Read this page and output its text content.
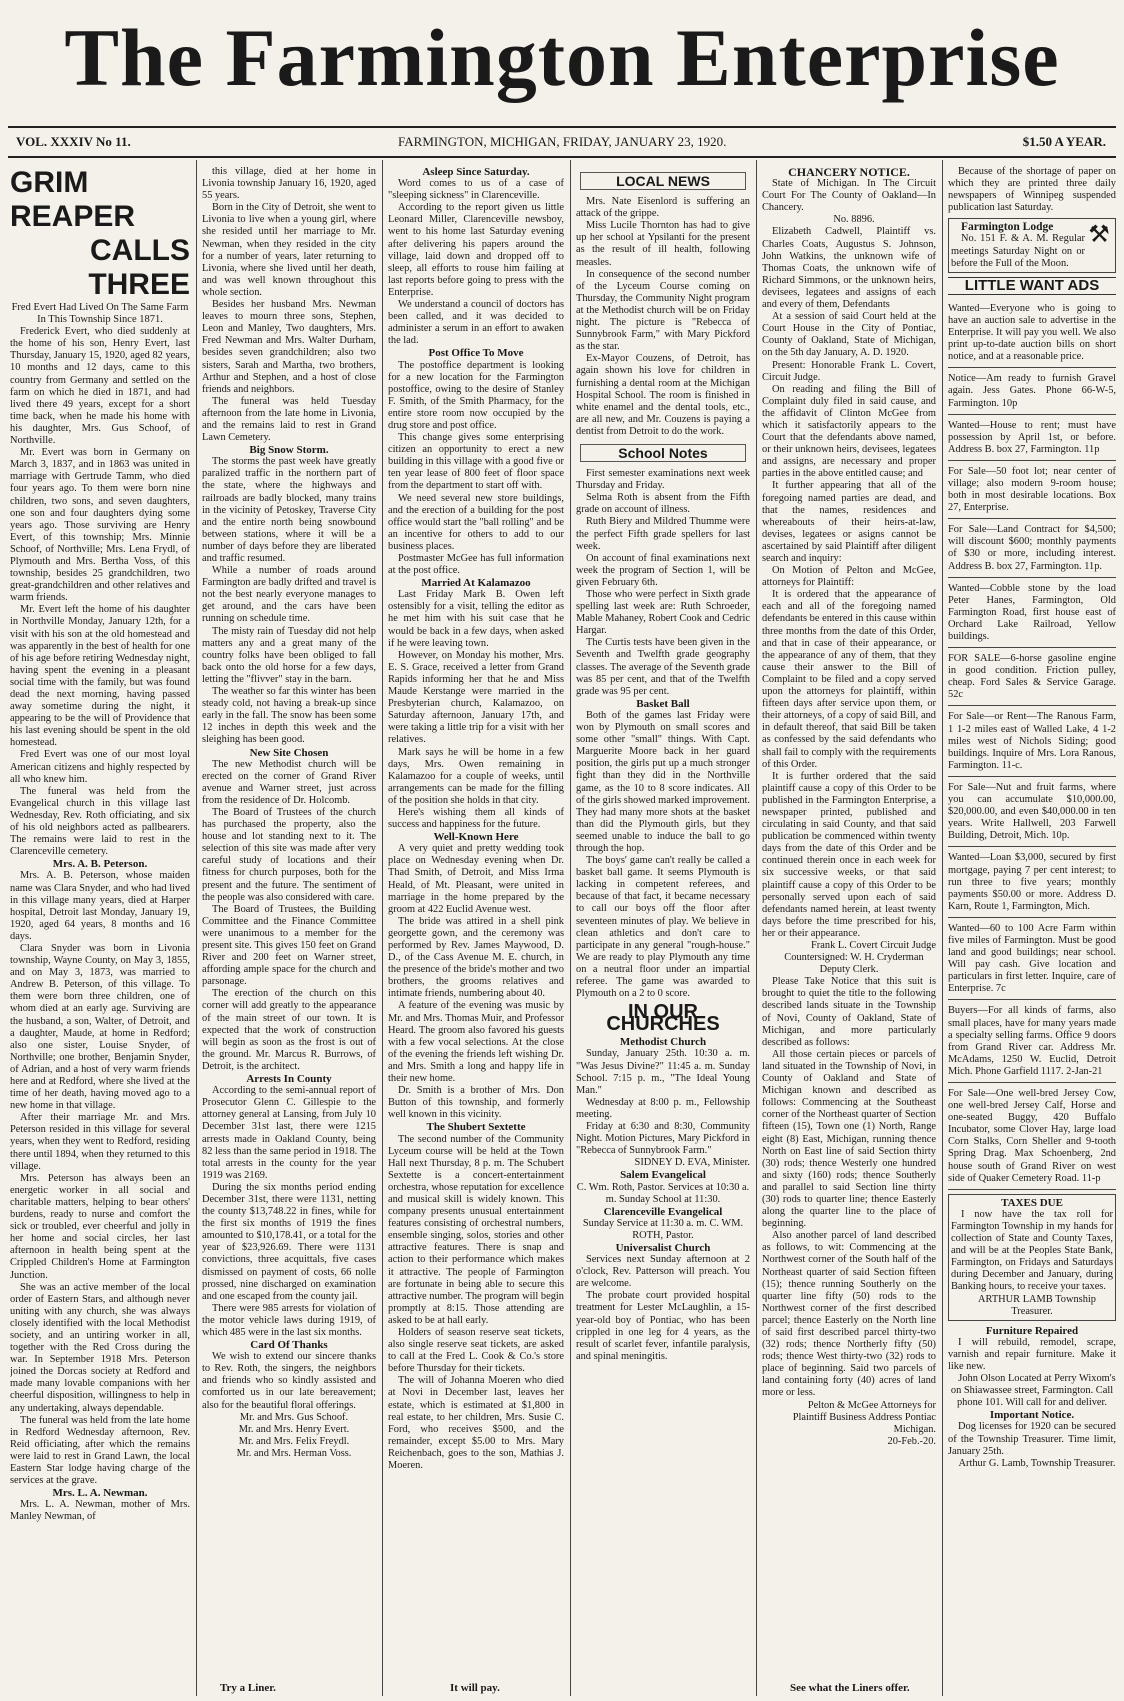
The Farmington Enterprise
VOL. XXXIV No 11.	FARMINGTON, MICHIGAN, FRIDAY, JANUARY 23, 1920.	$1.50 A YEAR.

GRIM REAPER

CALLS THREE

Fred Evert Had Lived On The Same Farm In This Township Since 1871.

Frederick Evert, who died suddenly at the home of his son, Henry Evert, last Thursday, January 15, 1920, aged 82 years, 10 months and 12 days, came to this country from Germany and settled on the farm on which he died in 1871, and had lived there 49 years, except for a short time back, when he made his home with his daughter, Mrs. Gus Schoof, of Northville.

Mr. Evert was born in Germany on March 3, 1837, and in 1863 was united in marriage with Gertrude Tamm, who died four years ago. To them were born nine children, two sons, and seven daughters, one son and four daughters dying some years ago. Those surviving are Henry Evert, of this township; Mrs. Minnie Schoof, of Northville; Mrs. Lena Frydl, of Plymouth and Mrs. Bertha Voss, of this township, besides 25 grandchildren, two great-grandchildren and other relatives and warm friends.

Mr. Evert left the home of his daughter in Northville Monday, January 12th, for a visit with his son at the old homestead and was apparently in the best of health for one of his age before retiring Wednesday night, having spent the evening in a pleasant social time with the family, but was found dead the next morning, having passed away sometime during the night, it appearing to be the will of Providence that his last evening should be spent in the old homestead.

Fred Evert was one of our most loyal American citizens and highly respected by all who knew him.

The funeral was held from the Evangelical church in this village last Wednesday, Rev. Roth officiating, and six of his old neighbors acted as pallbearers. The remains were laid to rest in the Clarenceville cemetery.

Mrs. A. B. Peterson.

Mrs. A. B. Peterson, whose maiden name was Clara Snyder, and who had lived in this village many years, died at Harper hospital, Detroit last Monday, January 19, 1920, aged 64 years, 8 months and 16 days.

Clara Snyder was born in Livonia township, Wayne County, on May 3, 1855, and on May 3, 1873, was married to Andrew B. Peterson, of this village. To them were born three children, one of whom died at an early age. Surviving are the husband, a son, Walter, of Detroit, and a daughter, Maude, at home in Redford; also one sister, Louise Snyder, of Northville; one brother, Benjamin Snyder, of Adrian, and a host of very warm friends here and at Redford, where she lived at the time of her death, having moved ago to a new home in that village.

After their marriage Mr. and Mrs. Peterson resided in this village for several years, when they went to Redford, residing there until 1894, when they returned to this village.

Mrs. Peterson has always been an energetic worker in all social and charitable matters, helping to bear others' burdens, ready to nurse and comfort the sick or troubled, ever cheerful and jolly in her home and social circles, her last afternoon in health being spent at the Crippled Children's Home at Farmington Junction.

She was an active member of the local order of Eastern Stars, and although never uniting with any church, she was always closely identified with the local Methodist society, and an untiring worker in all, together with the Red Cross during the war. In September 1918 Mrs. Peterson joined the Dorcas society at Redford and made many lovable companions with her cheerful disposition, willingness to help in any undertaking, always dependable.

The funeral was held from the late home in Redford Wednesday afternoon, Rev. Reid officiating, after which the remains were laid to rest in Grand Lawn, the local Eastern Star lodge having charge of the services at the grave.

Mrs. L. A. Newman.

Mrs. L. A. Newman, mother of Mrs. Manley Newman, of

this village, died at her home in Livonia township January 16, 1920, aged 55 years.

Born in the City of Detroit, she went to Livonia to live when a young girl, where she resided until her marriage to Mr. Newman, when they resided in the city for a number of years, later returning to Livonia, where she lived until her death, and was well known throughout this whole section.

Besides her husband Mrs. Newman leaves to mourn three sons, Stephen, Leon and Manley, Two daughters, Mrs. Fred Newman and Mrs. Walter Durham, besides seven grandchildren; also two sisters, Sarah and Martha, two brothers, Arthur and Stephen, and a host of close friends and neighbors.

The funeral was held Tuesday afternoon from the late home in Livonia, and the remains laid to rest in Grand Lawn Cemetery.

Big Snow Storm.

The storms the past week have greatly paralized traffic in the northern part of the state, where the highways and railroads are badly blocked, many trains in the vicinity of Petoskey, Traverse City and the entire north being snowbound between stations, where it will be a number of days before they are liberated and traffic resumed.

While a number of roads around Farmington are badly drifted and travel is not the best nearly everyone manages to get around, and the cars have been running on schedule time.

The misty rain of Tuesday did not help matters any and a great many of the country folks have been obliged to fall back onto the old horse for a few days, letting the "flivver" stay in the barn.

The weather so far this winter has been steady cold, not having a break-up since early in the fall. The snow has been some 12 inches in depth this week and the sleighing has been good.

New Site Chosen

The new Methodist church will be erected on the corner of Grand River avenue and Warner street, just across from the residence of Dr. Holcomb.

The Board of Trustees of the church has purchased the property, also the house and lot standing next to it. The selection of this site was made after very careful study of locations and their fitness for church purposes, both for the present and the future. The sentiment of the people was also considered with care.

The Board of Trustees, the Building Committee and the Finance Committee were unanimous to a member for the present site. This gives 150 feet on Grand River and 200 feet on Warner street, affording ample space for the church and parsonage.

The erection of the church on this corner will add greatly to the appearance of the main street of our town. It is expected that the work of construction will begin as soon as the frost is out of the ground. Mr. Marcus R. Burrows, of Detroit, is the architect.

Arrests In County

According to the semi-annual report of Prosecutor Glenn C. Gillespie to the attorney general at Lansing, from July 10 December 31st last, there were 1215 arrests made in Oakland County, being 82 less than the same period in 1918. The total arrests in the county for the year 1919 was 2169.

During the six months period ending December 31st, there were 1131, netting the county $13,748.22 in fines, while for the first six months of 1919 the fines amounted to $10,178.41, or a total for the year of $23,926.69. There were 1131 convictions, three acquittals, five cases dismissed on payment of costs, 66 nolle prossed, nine discharged on examination and one escaped from the county jail.

There were 985 arrests for violation of the motor vehicle laws during 1919, of which 485 were in the last six months.

Card Of Thanks

We wish to extend our sincere thanks to Rev. Roth, the singers, the neighbors and friends who so kindly assisted and comforted us in our late bereavement; also for the beautiful floral offerings.

Mr. and Mrs. Gus Schoof.

Mr. and Mrs. Henry Evert.

Mr. and Mrs. Felix Freydl.

Mr. and Mrs. Herman Voss.

Try a Liner.

Asleep Since Saturday.

Word comes to us of a case of "sleeping sickness" in Clarenceville.

According to the report given us little Leonard Miller, Clarenceville newsboy, went to his home last Saturday evening after delivering his papers around the village, laid down and dropped off to sleep, all efforts to rouse him failing at last reports before going to press with the Enterprise.

We understand a council of doctors has been called, and it was decided to administer a serum in an effort to awaken the lad.

Post Office To Move

The postoffice department is looking for a new location for the Farmington postoffice, owing to the desire of Stanley F. Smith, of the Smith Pharmacy, for the entire store room now occupied by the drug store and post office.

This change gives some enterprising citizen an opportunity to erect a new building in this village with a good five or ten year lease of 800 feet of floor space from the department to start off with.

We need several new store buildings, and the erection of a building for the post office would start the "ball rolling" and be an incentive for others to add to our business places.

Postmaster McGee has full information at the post office.

Married At Kalamazoo

Last Friday Mark B. Owen left ostensibly for a visit, telling the editor as he met him with his suit case that he would be back in a few days, when asked if he were leaving town.

However, on Monday his mother, Mrs. E. S. Grace, received a letter from Grand Rapids informing her that he and Miss Maude Kerstange were married in the Presbyterian church, Kalamazoo, on Saturday afternoon, January 17th, and were taking a little trip for a visit with her relatives.

Mark says he will be home in a few days, Mrs. Owen remaining in Kalamazoo for a couple of weeks, until arrangements can be made for the filling of the position she holds in that city.

Here's wishing them all kinds of success and happiness for the future.

Well-Known Here

A very quiet and pretty wedding took place on Wednesday evening when Dr. Thad Smith, of Detroit, and Miss Irma Heald, of Mt. Pleasant, were united in marriage in the home prepared by the groom at 422 Euclid Avenue west.

The bride was attired in a shell pink georgette gown, and the ceremony was performed by Rev. James Maywood, D. D., of the Cass Avenue M. E. church, in the presence of the bride's mother and two brothers, the grooms relatives and intimate friends, numbering about 40.

A feature of the evening was music by Mr. and Mrs. Thomas Muir, and Professor Heard. The groom also favored his guests with a few vocal selections. At the close of the evening the friends left wishing Dr. and Mrs. Smith a long and happy life in their new home.

Dr. Smith is a brother of Mrs. Don Button of this township, and formerly well known in this vicinity.

The Shubert Sextette

The second number of the Community Lyceum course will be held at the Town Hall next Thursday, 8 p. m. The Schubert Sextette is a concert-entertainment orchestra, whose reputation for excellence and musical skill is widely known. This company presents unusual entertainment features consisting of orchestral numbers, ensemble singing, solos, stories and other attractive features. There is snap and action to their performance which makes it attractive. The people of Farmington are fortunate in being able to secure this attractive number. The program will begin promptly at 8:15. Those attending are asked to be at hall early.

Holders of season reserve seat tickets, also single reserve seat tickets, are asked to call at the Fred L. Cook & Co.'s store before Thursday for their tickets.

The will of Johanna Moeren who died at Novi in December last, leaves her estate, which is estimated at $1,800 in real estate, to her children, Mrs. Susie C. Ford, who receives $500, and the remainder, except $5.00 to Mrs. Mary Reichenbach, goes to the son, Mathias J. Moeren.

It will pay.
LOCAL NEWS

Mrs. Nate Eisenlord is suffering an attack of the grippe.

Miss Lucile Thornton has had to give up her school at Ypsilanti for the present as the result of ill health, following measles.

In consequence of the second number of the Lyceum Course coming on Thursday, the Community Night program at the Methodist church will be on Friday night. The picture is "Rebecca of Sunnybrook Farm," with Mary Pickford as the star.

Ex-Mayor Couzens, of Detroit, has again shown his love for children in furnishing a dental room at the Michigan Hospital School. The room is finished in white enamel and the dental tools, etc., are all new, and Mr. Couzens is paying a dentist from Detroit to do the work.

School Notes

First semester examinations next week Thursday and Friday.

Selma Roth is absent from the Fifth grade on account of illness.

Ruth Biery and Mildred Thumme were the perfect Fifth grade spellers for last week.

On account of final examinations next week the program of Section 1, will be given February 6th.

Those who were perfect in Sixth grade spelling last week are: Ruth Schroeder, Mable Mahaney, Robert Cook and Cedric Hargar.

The Curtis tests have been given in the Seventh and Twelfth grade geography classes. The average of the Seventh grade was 85 per cent, and that of the Twelfth grade was 95 per cent.

Basket Ball

Both of the games last Friday were won by Plymouth on small scores and some other "small" things. With Capt. Marguerite Moore back in her guard position, the girls put up a much stronger fight than they did in the Northville game, as the 10 to 8 score indicates. All of the girls showed marked improvement. They had many more shots at the basket than did the Plymouth girls, but they seemed unable to induce the ball to go through the hop.

The boys' game can't really be called a basket ball game. It seems Plymouth is lacking in competent referees, and because of that fact, it became necessary to call our boys off the floor after seventeen minutes of play. We believe in clean athletics and don't care to participate in any general "rough-house." We are ready to play Plymouth any time on a neutral floor under an impartial referee. The game was awarded to Plymouth on a 2 to 0 score.

IN OUR CHURCHES

Methodist Church

Sunday, January 25th. 10:30 a. m. "Was Jesus Divine?" 11:45 a. m. Sunday School. 7:15 p. m., "The Ideal Young Man."

Wednesday at 8:00 p. m., Fellowship meeting.

Friday at 6:30 and 8:30, Community Night. Motion Pictures, Mary Pickford in "Rebecca of Sunnybrook Farm."

SIDNEY D. EVA, Minister.

Salem Evangelical

C. Wm. Roth, Pastor. Services at 10:30 a. m. Sunday School at 11:30.

Clarenceville Evangelical

Sunday Service at 11:30 a. m. C. WM. ROTH, Pastor.

Universalist Church

Services next Sunday afternoon at 2 o'clock, Rev. Patterson will preach. You are welcome.

The probate court provided hospital treatment for Lester McLaughlin, a 15-year-old boy of Pontiac, who has been crippled in one leg for 4 years, as the result of scarlet fever, infantile paralysis, and spinal meningitis.

CHANCERY NOTICE.

State of Michigan. In The Circuit Court For The County of Oakland—In Chancery.

No. 8896.

Elizabeth Cadwell, Plaintiff vs. Charles Coats, Augustus S. Johnson, John Watkins, the unknown wife of Thomas Coats, the unknown wife of Richard Simmons, or the unknown heirs, devisees, legatees and assigns of each and every of them, Defendants

At a session of said Court held at the Court House in the City of Pontiac, County of Oakland, State of Michigan, on the 5th day January, A. D. 1920.

Present: Honorable Frank L. Covert, Circuit Judge.

On reading and filing the Bill of Complaint duly filed in said cause, and the affidavit of Clinton McGee from which it satisfactorily appears to the Court that the defendants above named, or their unknown heirs, devisees, legatees and assigns, are necessary and proper parties in the above entitled cause; and

It further appearing that all of the foregoing named parties are dead, and that the names, residences and whereabouts of their heirs-at-law, devises, legatees or asigns cannot be ascertained by said Plaintiff after diligent search and inquiry:

On Motion of Pelton and McGee, attorneys for Plaintiff:

It is ordered that the appearance of each and all of the foregoing named defendants be entered in this cause within three months from the date of this Order, and that in case of their appearance, or the appearance of any of them, that they cause their answer to the Bill of Complaint to be filed and a copy served upon the attorneys for plaintiff, within fifteen days after service upon them, or their attorneys, of a copy of said Bill, and in default thereof, that said Bill be taken as confessed by the said defendants who shall fail to comply with the requirements of this Order.

It is further ordered that the said plaintiff cause a copy of this Order to be published in the Farmington Enterprise, a newspaper printed, published and circulating in said County, and that said publication be commenced within twenty days from the date of this Order and be continued therein once in each week for six successive weeks, or that said plaintiff cause a copy of this Order to be personally served upon each of said defendants named herein, at least twenty days before the time prescribed for his, her or their appearance.

Frank L. Covert Circuit Judge

Countersigned: W. H. Cryderman Deputy Clerk.

Please Take Notice that this suit is brought to quiet the title to the following described lands situate in the Township of Novi, County of Oakland, State of Michigan, and more particularly described as follows:

All those certain pieces or parcels of land situated in the Township of Novi, in County of Oakland and State of Michigan known and described as follows: Commencing at the Southeast corner of the Northeast quarter of Section fifteen (15), Town one (1) North, Range eight (8) East, Michigan, running thence North on East line of said Section thirty (30) rods; thence Westerly one hundred and sixty (160) rods; thence Southerly and parallel to said Section line thirty (30) rods to quarter line; thence Easterly along the quarter line to the place of beginning.

Also another parcel of land described as follows, to wit: Commencing at the Northwest corner of the South half of the Northeast quarter of said Section fifteen (15); thence running Southerly on the quarter line fifty (50) rods to the Northwest corner of the first described parcel; thence Easterly on the North line of said first described parcel thirty-two (32) rods; thence Northerly fifty (50) rods; thence West thirty-two (32) rods to place of beginning. Said two parcels of land containing forty (40) acres of land more or less.

Pelton & McGee Attorneys for Plaintiff Business Address Pontiac Michigan.

20-Feb.-20.

See what the Liners offer.

Because of the shortage of paper on which they are printed three daily newspapers of Winnipeg suspended publication last Saturday.

⚒

Farmington Lodge

No. 151 F. & A. M. Regular meetings Saturday Night on or before the Full of the Moon.

LITTLE WANT ADS

Wanted—Everyone who is going to have an auction sale to advertise in the Enterprise. It will pay you well. We also print up-to-date auction bills on short notice, and at a reasonable price.

Notice—Am ready to furnish Gravel again. Jess Gates. Phone 66-W-5, Farmington. 10p

Wanted—House to rent; must have possession by April 1st, or before. Address B. box 27, Farmington. 11p

For Sale—50 foot lot; near center of village; also modern 9-room house; both in most desirable locations. Box 27, Enterprise.

For Sale—Land Contract for $4,500; will discount $600; monthly payments of $30 or more, including interest. Address B. box 27, Farmington. 11p.

Wanted—Cobble stone by the load Peter Hanes, Farmington, Old Farmington Road, first house east of Orchard Lake Railroad, Yellow buildings.

FOR SALE—6-horse gasoline engine in good condition. Friction pulley, cheap. Ford Sales & Service Garage. 52c

For Sale—or Rent—The Ranous Farm, 1 1-2 miles east of Walled Lake, 4 1-2 miles west of Nichols Siding; good buildings. Inquire of Mrs. Lora Ranous, Farmington. 11-c.

For Sale—Nut and fruit farms, where you can accumulate $10,000.00, $20,000.00, and even $40,000.00 in ten years. Write Hallwell, 203 Farwell Building, Detroit, Mich. 10p.

Wanted—Loan $3,000, secured by first mortgage, paying 7 per cent interest; to run three to five years; monthly payments $50.00 or more. Address D. Karn, Route 1, Farmington, Mich.

Wanted—60 to 100 Acre Farm within five miles of Farmington. Must be good land and good buildings; near school. Will pay cash. Give location and particulars in first letter. Inquire, care of Enterprise. 7c

Buyers—For all kinds of farms, also small places, have for many years made a specialty selling farms. Office 9 doors from Grand River car. Address Mr. McAdams, 1250 W. Euclid, Detroit Mich. Phone Garfield 1117. 2-Jan-21

For Sale—One well-bred Jersey Cow, one well-bred Jersey Calf, Horse and one-seated Buggy, 420 Buffalo Incubator, some Clover Hay, large load Corn Stalks, Corn Sheller and 9-tooth Spring Drag. Max Schoenberg, 2nd house south of Grand River on west side of Quaker Cemetery Road. 11-p

TAXES DUE

I now have the tax roll for Farmington Township in my hands for collection of State and County Taxes, and will be at the Peoples State Bank, Farmington, on Fridays and Saturdays during December and January, during Banking hours, to receive your taxes.

ARTHUR LAMB Township Treasurer.

Furniture Repaired

I will rebuild, remodel, scrape, varnish and repair furniture. Make it like new.

John Olson Located at Perry Wixom's on Shiawassee street, Farmington. Call phone 101. Will call for and deliver.

Important Notice.

Dog licenses for 1920 can be secured of the Township Treasurer. Time limit, January 25th.

Arthur G. Lamb, Township Treasurer.
